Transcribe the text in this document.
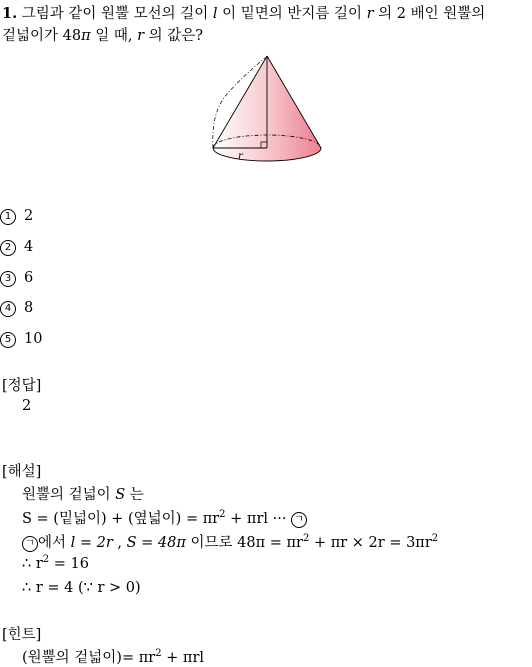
1. 그림과 같이 원뿔 모선의 길이 l 이 밑면의 반지름 길이 r 의 2 배인 원뿔의
겉넓이가 48π 일 때, r 의 값은?
r
1 2
2 4
3 6
4 8
5 10
[정답]
2
[해설]
원뿔의 겉넓이 S 는
S = (밑넓이) + (옆넓이) = $\pi r^2 + \pi rl$ ··· ㄱ
ㄱ 에서 l = 2r , S = 48π 이므로 $48\pi = \pi r^2 + \pi r \times 2r = 3\pi r^2$
∴ $r^2 = 16$
∴ r = 4 (∵ r > 0)
[힌트]
(원뿔의 겉넓이)= $\pi r^2 + \pi rl$
